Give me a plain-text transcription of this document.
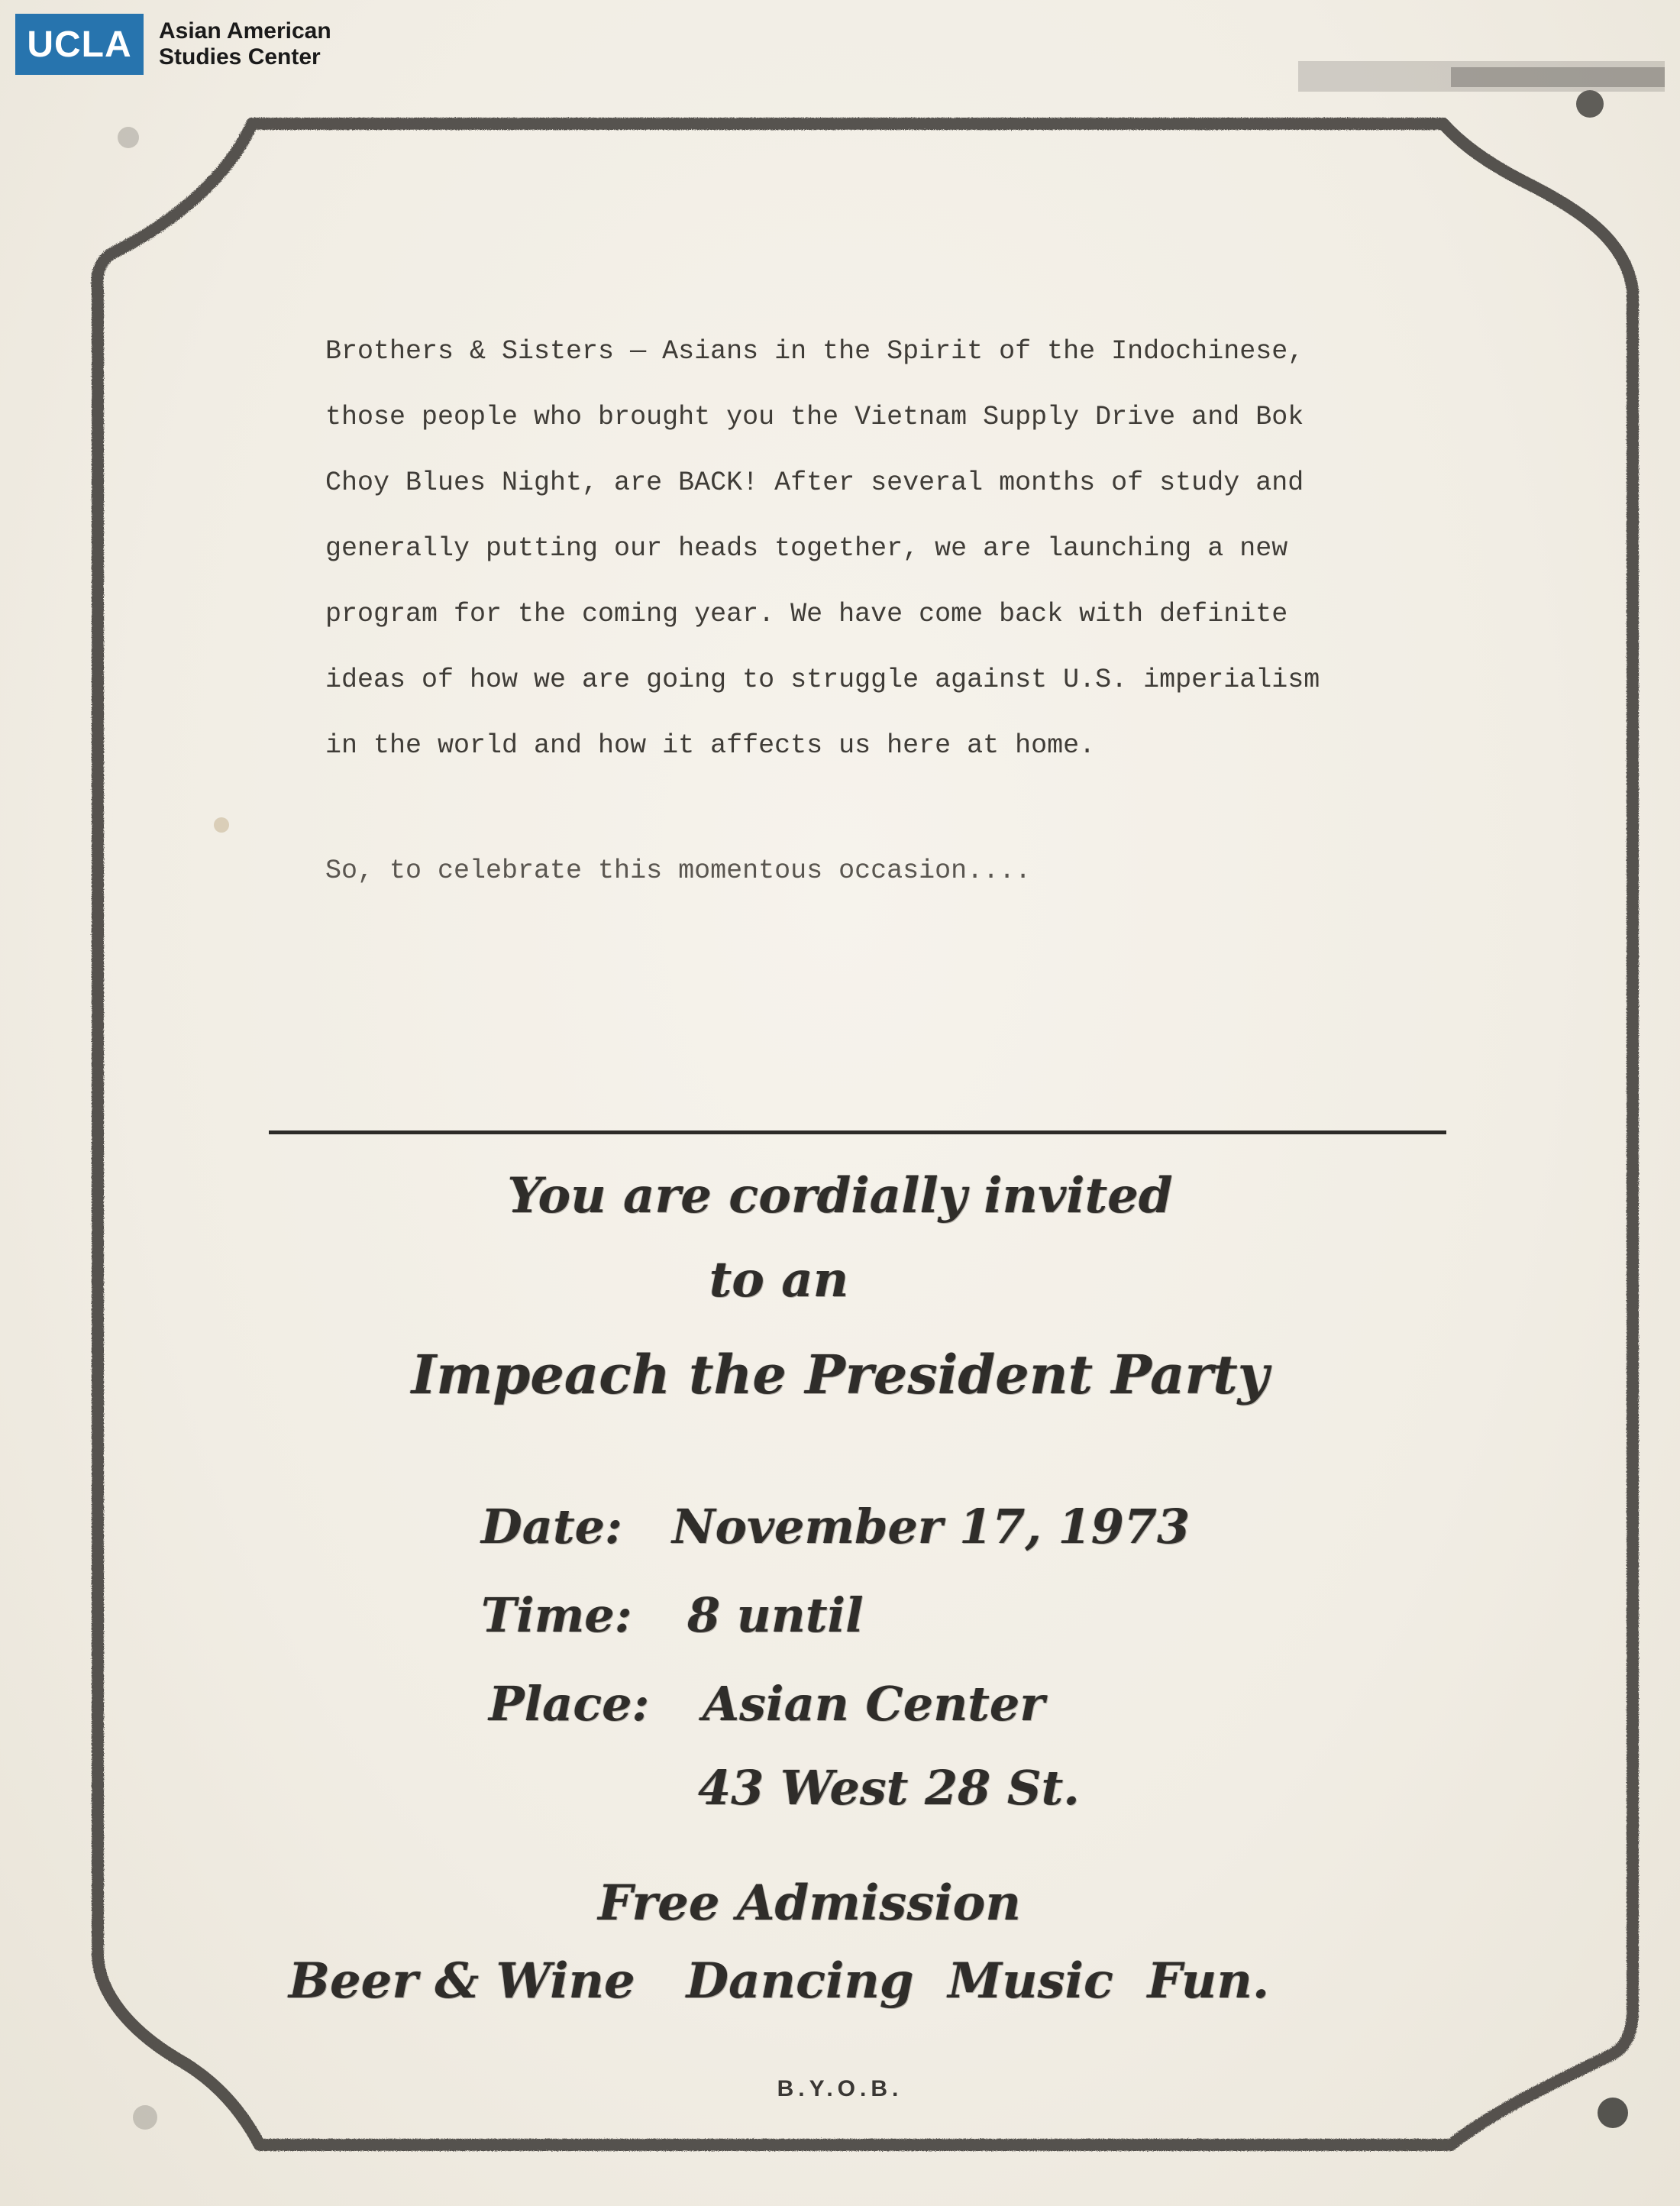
UCLA	Asian American
Studies Center
Brothers & Sisters — Asians in the Spirit of the Indochinese,
those people who brought you the Vietnam Supply Drive and Bok
Choy Blues Night, are BACK! After several months of study and
generally putting our heads together, we are launching a new
program for the coming year. We have come back with definite
ideas of how we are going to struggle against U.S. imperialism
in the world and how it affects us here at home.
So, to celebrate this momentous occasion....
You are cordially invited
to an
Impeach the President Party
Date: November 17, 1973
Time: 8 until
Place: Asian Center
43 West 28 St.
Free Admission
Beer & Wine   Dancing  Music  Fun.
B.Y.O.B.
